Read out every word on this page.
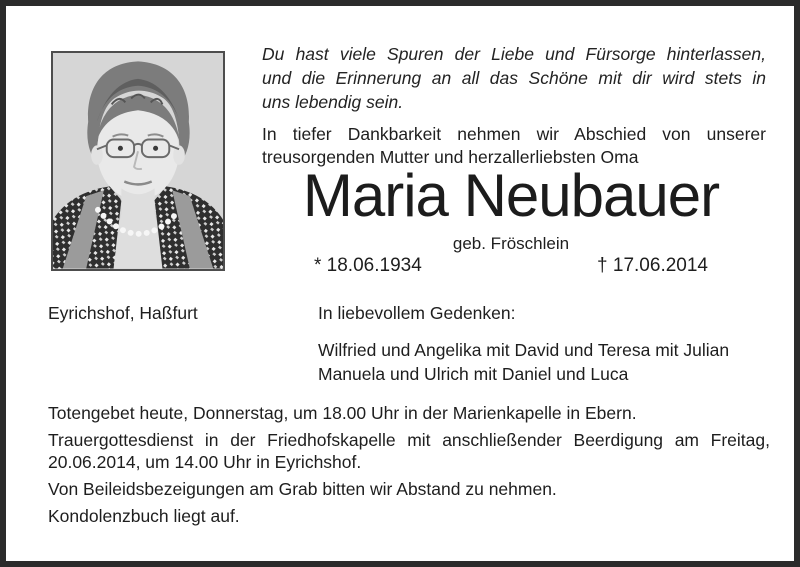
Du hast viele Spuren der Liebe und Fürsorge hinterlassen,
und die Erinnerung an all das Schöne mit dir wird stets in
uns lebendig sein.
In tiefer Dankbarkeit nehmen wir Abschied von unserer
treusorgenden Mutter und herzallerliebsten Oma
Maria Neubauer
geb. Fröschlein
* 18.06.1934	† 17.06.2014
Eyrichshof, Haßfurt	In liebevollem Gedenken:
Wilfried und Angelika mit David und Teresa mit Julian
Manuela und Ulrich mit Daniel und Luca

Totengebet heute, Donnerstag, um 18.00 Uhr in der Marienkapelle in Ebern.

Trauergottesdienst in der Friedhofskapelle mit anschließender Beerdigung am Freitag,
20.06.2014, um 14.00 Uhr in Eyrichshof.

Von Beileidsbezeigungen am Grab bitten wir Abstand zu nehmen.

Kondolenzbuch liegt auf.
